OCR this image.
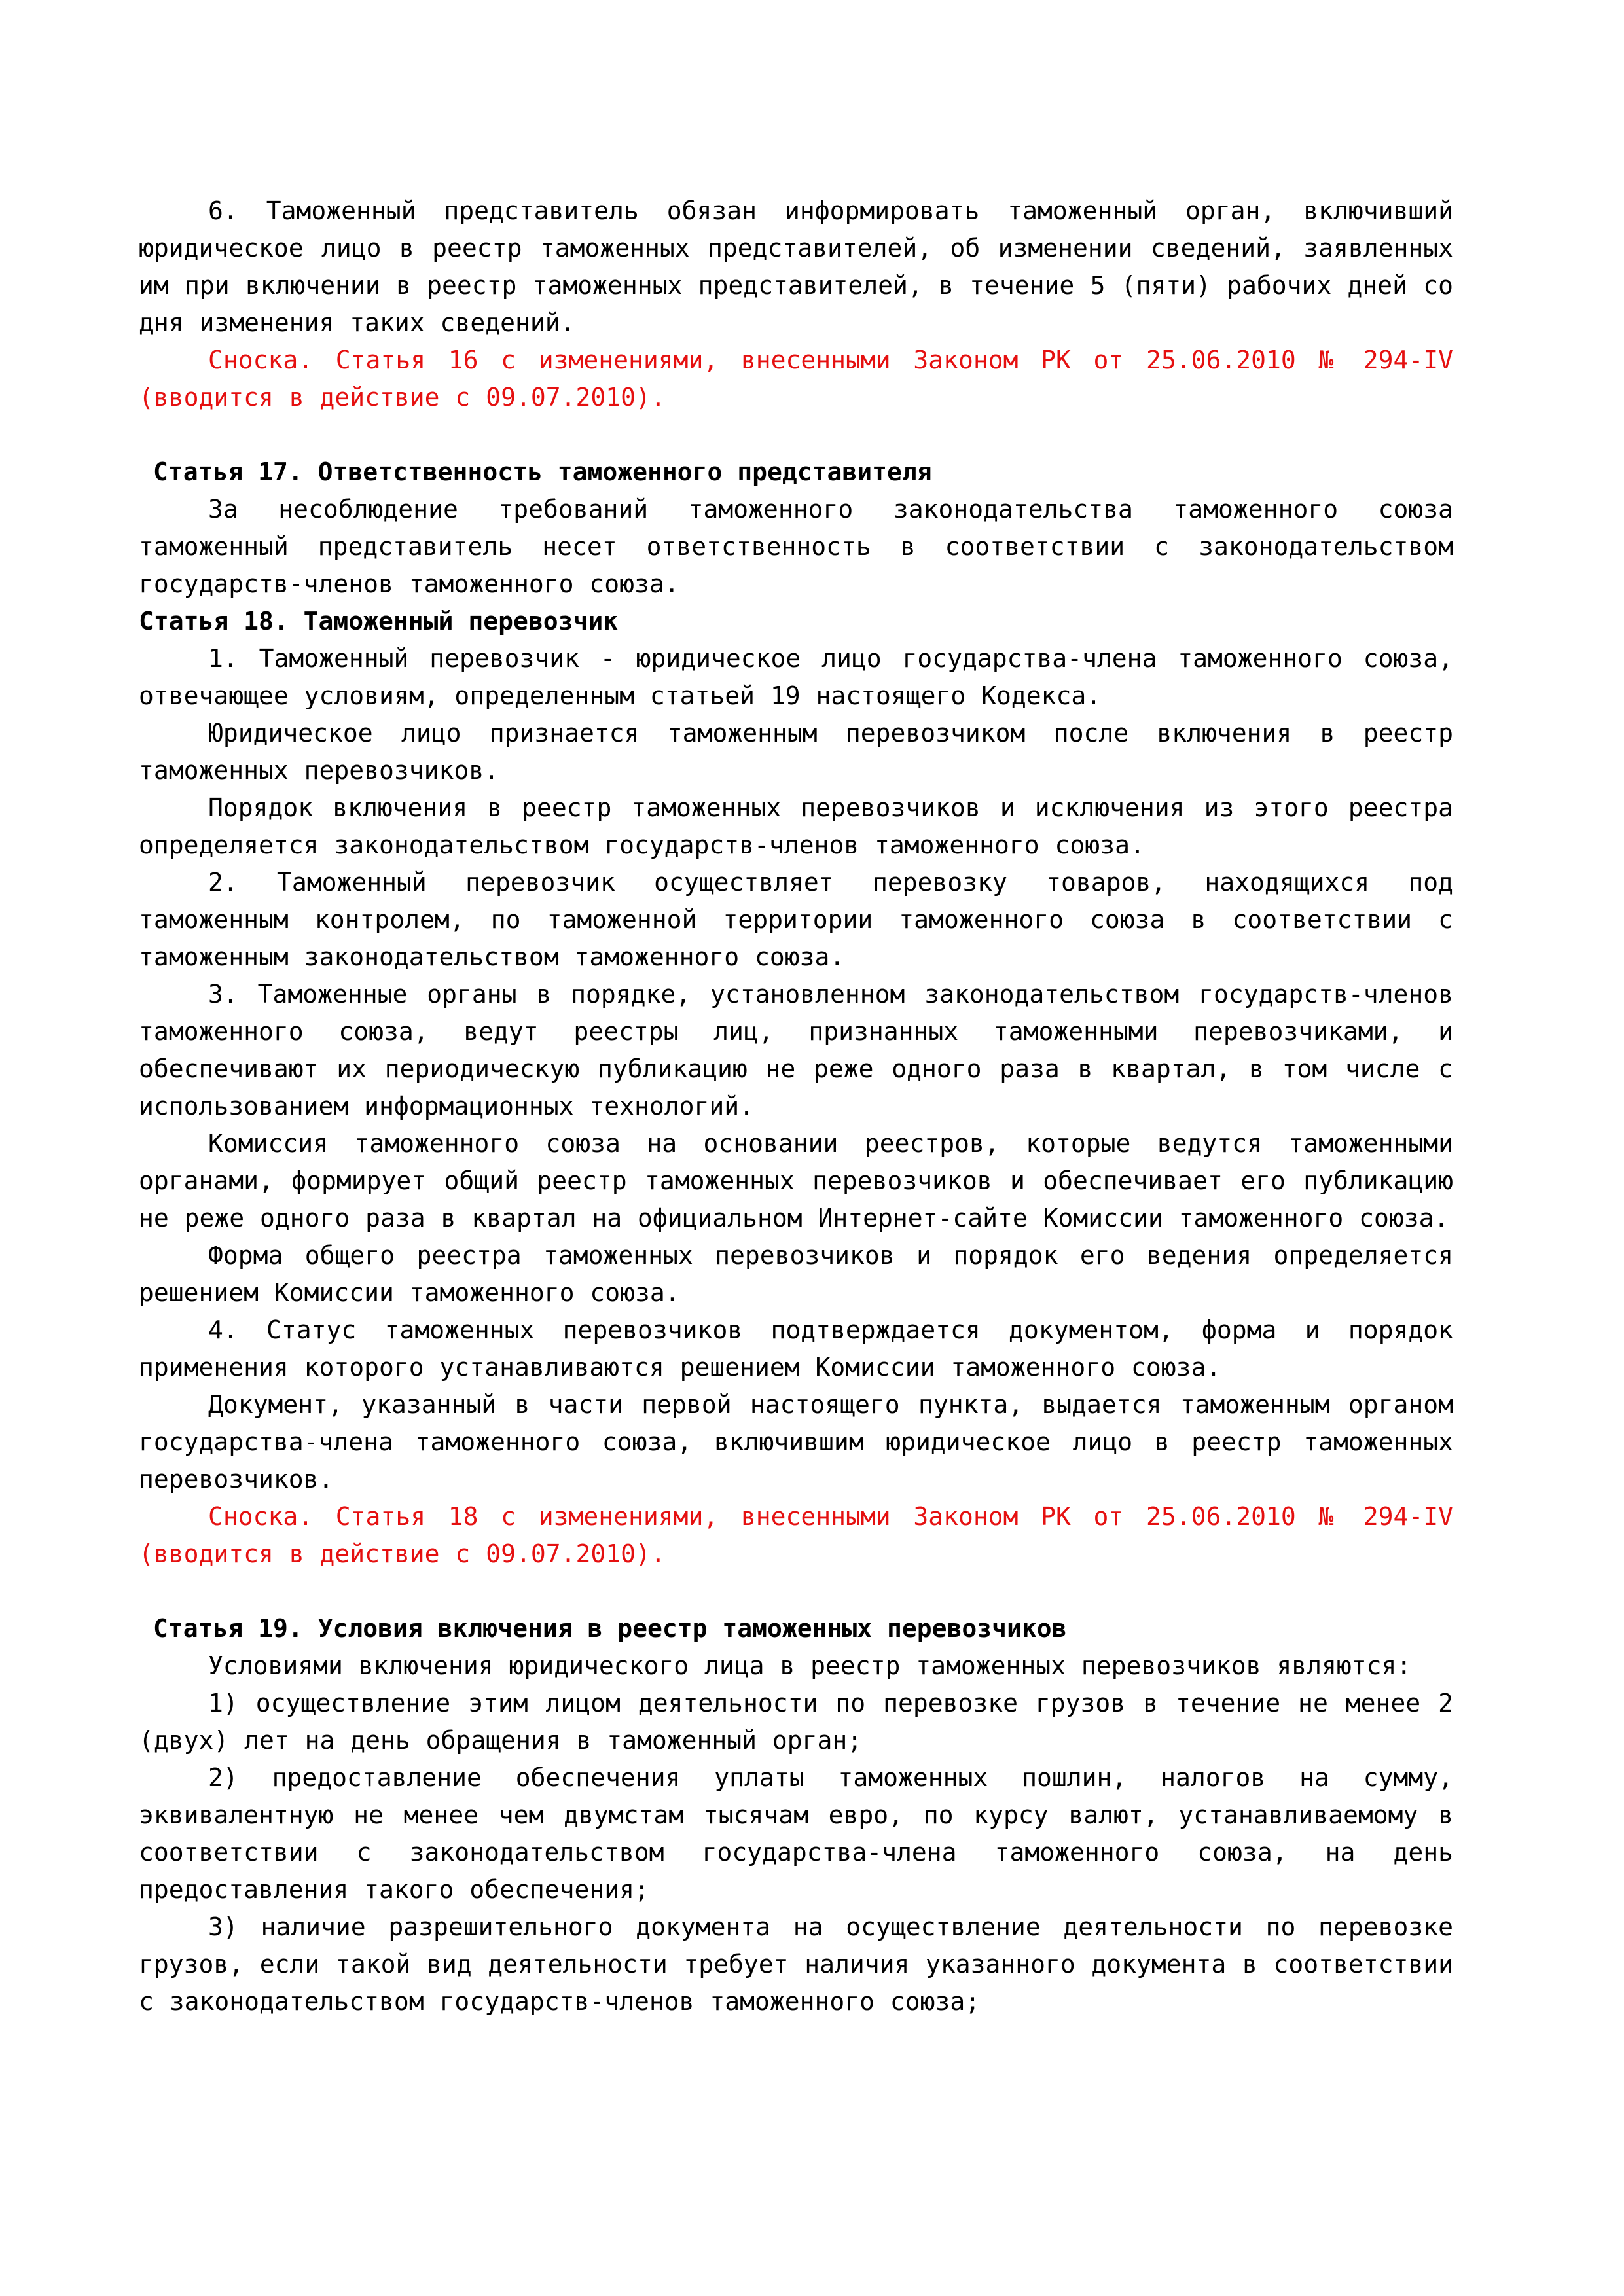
6. Таможенный представитель обязан информировать таможенный орган, включивший юридическое лицо в реестр таможенных представителей, об изменении сведений, заявленных им при включении в реестр таможенных представителей, в течение 5 (пяти) рабочих дней со дня изменения таких сведений.
Сноска. Статья 16 с изменениями, внесенными Законом РК от 25.06.2010 № 294-IV (вводится в действие с 09.07.2010).
Статья 17. Ответственность таможенного представителя
За несоблюдение требований таможенного законодательства таможенного союза таможенный представитель несет ответственность в соответствии с законодательством государств-членов таможенного союза.
Статья 18. Таможенный перевозчик
1. Таможенный перевозчик - юридическое лицо государства-члена таможенного союза, отвечающее условиям, определенным статьей 19 настоящего Кодекса.
Юридическое лицо признается таможенным перевозчиком после включения в реестр таможенных перевозчиков.
Порядок включения в реестр таможенных перевозчиков и исключения из этого реестра определяется законодательством государств-членов таможенного союза.
2. Таможенный перевозчик осуществляет перевозку товаров, находящихся под таможенным контролем, по таможенной территории таможенного союза в соответствии с таможенным законодательством таможенного союза.
3. Таможенные органы в порядке, установленном законодательством государств-членов таможенного союза, ведут реестры лиц, признанных таможенными перевозчиками, и обеспечивают их периодическую публикацию не реже одного раза в квартал, в том числе с использованием информационных технологий.
Комиссия таможенного союза на основании реестров, которые ведутся таможенными органами, формирует общий реестр таможенных перевозчиков и обеспечивает его публикацию не реже одного раза в квартал на официальном Интернет-сайте Комиссии таможенного союза.
Форма общего реестра таможенных перевозчиков и порядок его ведения определяется решением Комиссии таможенного союза.
4. Статус таможенных перевозчиков подтверждается документом, форма и порядок применения которого устанавливаются решением Комиссии таможенного союза.
Документ, указанный в части первой настоящего пункта, выдается таможенным органом государства-члена таможенного союза, включившим юридическое лицо в реестр таможенных перевозчиков.
Сноска. Статья 18 с изменениями, внесенными Законом РК от 25.06.2010 № 294-IV (вводится в действие с 09.07.2010).
Статья 19. Условия включения в реестр таможенных перевозчиков
Условиями включения юридического лица в реестр таможенных перевозчиков являются:
1) осуществление этим лицом деятельности по перевозке грузов в течение не менее 2 (двух) лет на день обращения в таможенный орган;
2) предоставление обеспечения уплаты таможенных пошлин, налогов на сумму, эквивалентную не менее чем двумстам тысячам евро, по курсу валют, устанавливаемому в соответствии с законодательством государства-члена таможенного союза, на день предоставления такого обеспечения;
3) наличие разрешительного документа на осуществление деятельности по перевозке грузов, если такой вид деятельности требует наличия указанного документа в соответствии с законодательством государств-членов таможенного союза;
